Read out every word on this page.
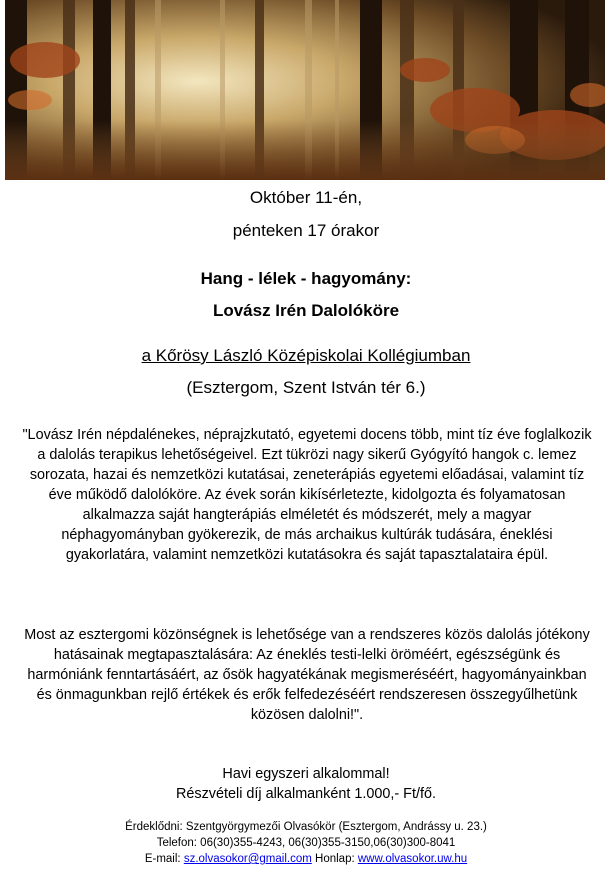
Október 11-én,
pénteken 17 órakor
Hang - lélek - hagyomány:
Lovász Irén Dalolóköre
a Kőrösy László Középiskolai Kollégiumban
(Esztergom, Szent István tér 6.)
"Lovász Irén népdalénekes, néprajzkutató, egyetemi docens több, mint tíz éve foglalkozik a dalolás terapikus lehetőségeivel. Ezt tükrözi nagy sikerű Gyógyító hangok c. lemez sorozata, hazai és nemzetközi kutatásai, zeneterápiás egyetemi előadásai, valamint tíz éve működő dalolóköre. Az évek során kikísérletezte, kidolgozta és folyamatosan alkalmazza saját hangterápiás elméletét és módszerét, mely a magyar néphagyományban gyökerezik, de más archaikus kultúrák tudására, éneklési gyakorlatára, valamint nemzetközi kutatásokra és saját tapasztalataira épül.
Most az esztergomi közönségnek is lehetősége van a rendszeres közös dalolás jótékony hatásainak megtapasztalására: Az éneklés testi-lelki öröméért, egészségünk és harmóniánk fenntartásáért, az ősök hagyatékának megismeréséért, hagyományainkban és önmagunkban rejlő értékek és erők felfedezéséért rendszeresen összegyűlhetünk közösen dalolni!".
Havi egyszeri alkalommal!
Részvételi díj alkalmanként 1.000,- Ft/fő.
Érdeklődni: Szentgyörgymezői Olvasókör (Esztergom, Andrássy u. 23.)
Telefon: 06(30)355-4243, 06(30)355-3150,06(30)300-8041
E-mail: sz.olvasokor@gmail.com Honlap: www.olvasokor.uw.hu
